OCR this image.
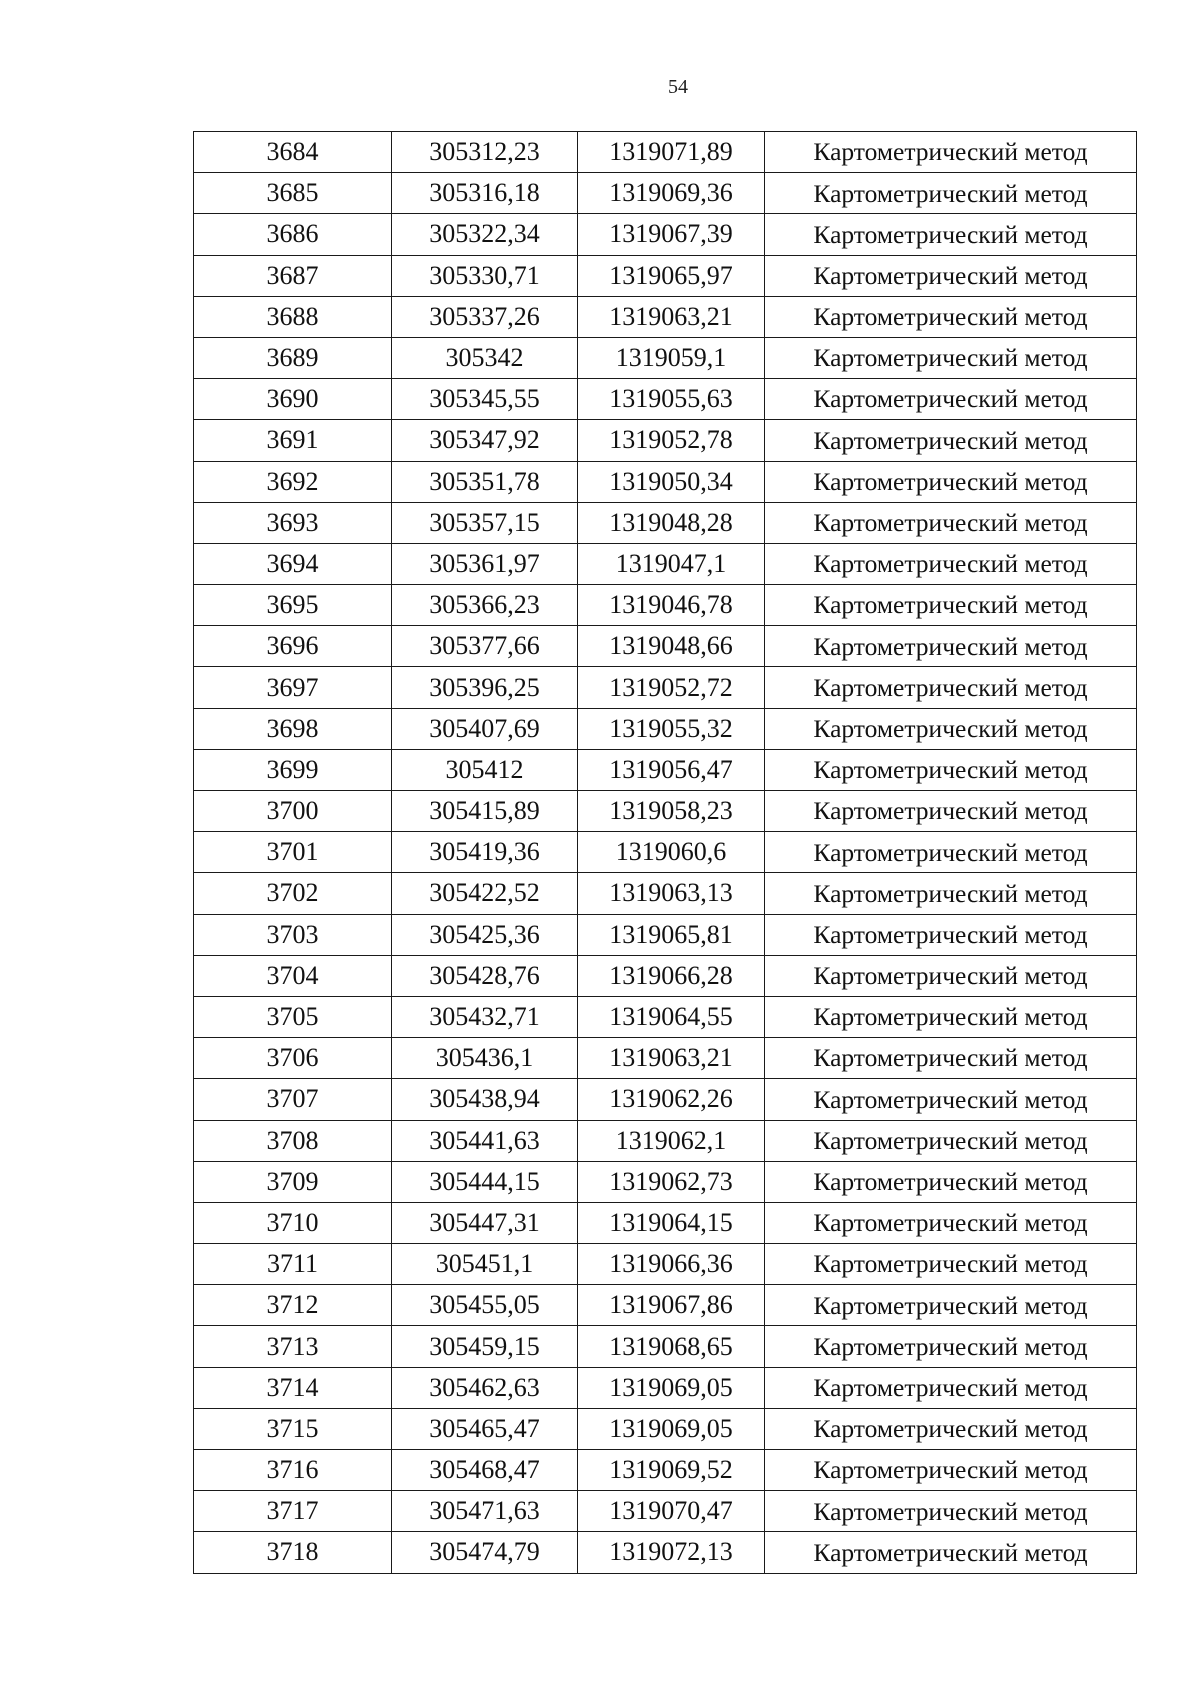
54
3684	305312,23	1319071,89	Картометрический метод
3685	305316,18	1319069,36	Картометрический метод
3686	305322,34	1319067,39	Картометрический метод
3687	305330,71	1319065,97	Картометрический метод
3688	305337,26	1319063,21	Картометрический метод
3689	305342	1319059,1	Картометрический метод
3690	305345,55	1319055,63	Картометрический метод
3691	305347,92	1319052,78	Картометрический метод
3692	305351,78	1319050,34	Картометрический метод
3693	305357,15	1319048,28	Картометрический метод
3694	305361,97	1319047,1	Картометрический метод
3695	305366,23	1319046,78	Картометрический метод
3696	305377,66	1319048,66	Картометрический метод
3697	305396,25	1319052,72	Картометрический метод
3698	305407,69	1319055,32	Картометрический метод
3699	305412	1319056,47	Картометрический метод
3700	305415,89	1319058,23	Картометрический метод
3701	305419,36	1319060,6	Картометрический метод
3702	305422,52	1319063,13	Картометрический метод
3703	305425,36	1319065,81	Картометрический метод
3704	305428,76	1319066,28	Картометрический метод
3705	305432,71	1319064,55	Картометрический метод
3706	305436,1	1319063,21	Картометрический метод
3707	305438,94	1319062,26	Картометрический метод
3708	305441,63	1319062,1	Картометрический метод
3709	305444,15	1319062,73	Картометрический метод
3710	305447,31	1319064,15	Картометрический метод
3711	305451,1	1319066,36	Картометрический метод
3712	305455,05	1319067,86	Картометрический метод
3713	305459,15	1319068,65	Картометрический метод
3714	305462,63	1319069,05	Картометрический метод
3715	305465,47	1319069,05	Картометрический метод
3716	305468,47	1319069,52	Картометрический метод
3717	305471,63	1319070,47	Картометрический метод
3718	305474,79	1319072,13	Картометрический метод
